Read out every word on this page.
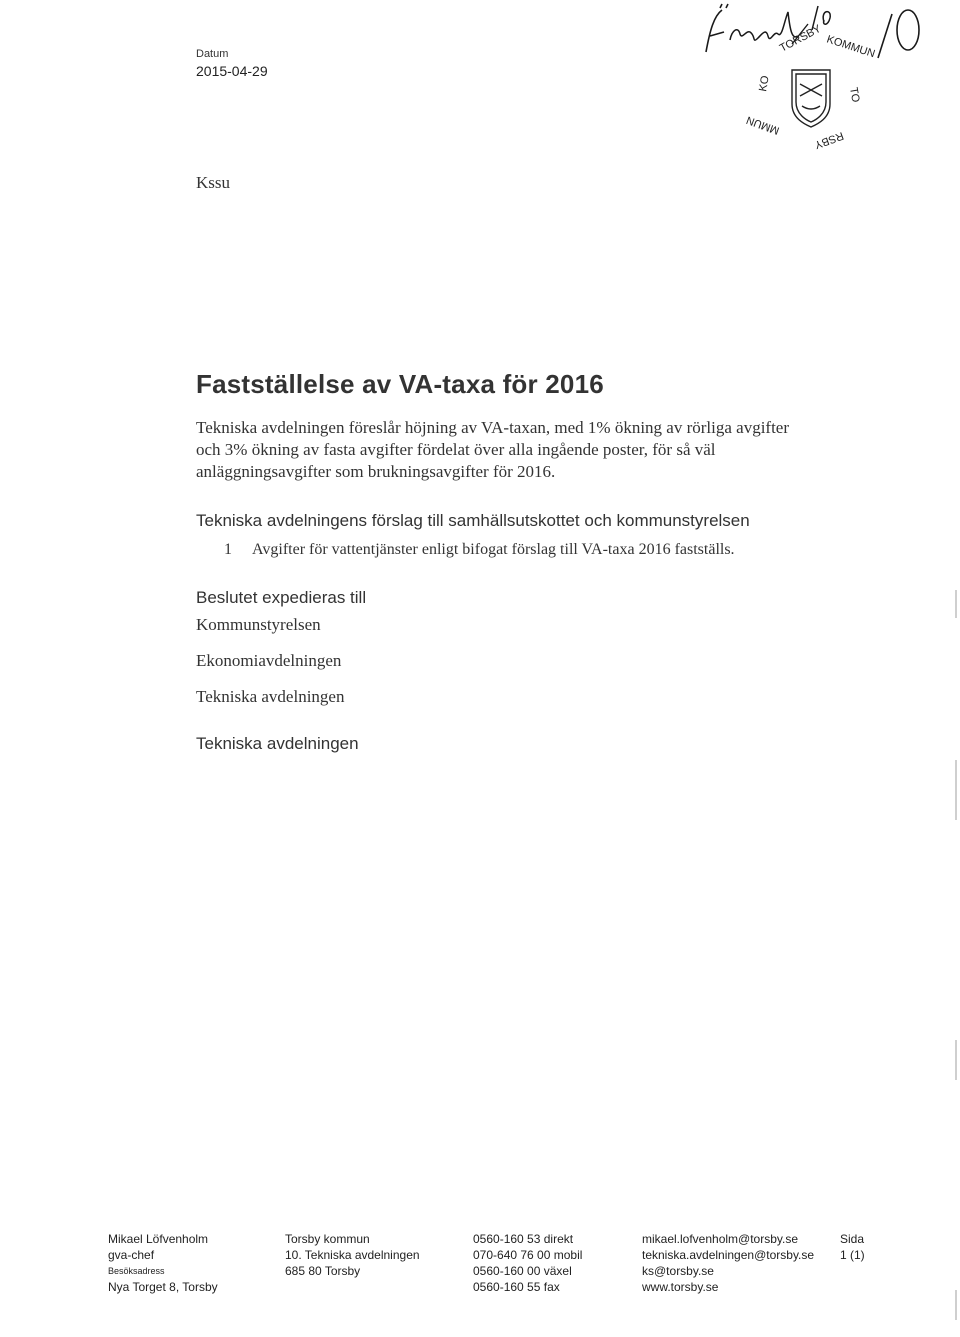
Datum
2015-04-29
TORSBY KOMMUN
KO
TO
MMUN
RSBY
Kssu
Fastställelse av VA-taxa för 2016
Tekniska avdelningen föreslår höjning av VA-taxan, med 1% ökning av rörliga avgifter
och 3% ökning av fasta avgifter fördelat över alla ingående poster, för så väl
anläggningsavgifter som brukningsavgifter för 2016.
Tekniska avdelningens förslag till samhällsutskottet och kommunstyrelsen
1 Avgifter för vattentjänster enligt bifogat förslag till VA-taxa 2016 fastställs.
Beslutet expedieras till
Kommunstyrelsen
Ekonomiavdelningen
Tekniska avdelningen
Tekniska avdelningen
Mikael Löfvenholm
gva-chef
Besöksadress
Nya Torget 8, Torsby
Torsby kommun
10. Tekniska avdelningen
685 80 Torsby
0560-160 53 direkt
070-640 76 00 mobil
0560-160 00 växel
0560-160 55 fax
mikael.lofvenholm@torsby.se
tekniska.avdelningen@torsby.se
ks@torsby.se
www.torsby.se
Sida
1 (1)
